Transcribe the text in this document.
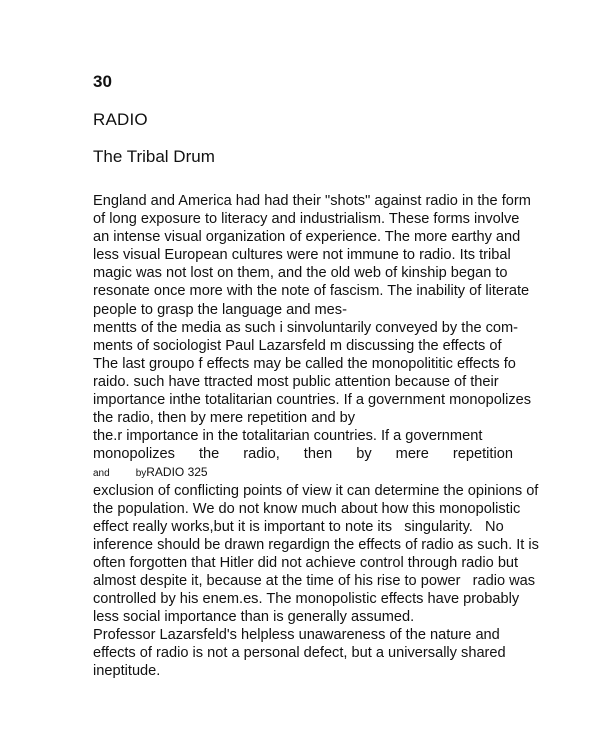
30
RADIO
The Tribal Drum
England and America had had their "shots" against radio in the form
of long exposure to literacy and industrialism. These forms involve
an intense visual organization of experience. The more earthy and
less visual European cultures were not immune to radio. Its tribal
magic was not lost on them, and the old web of kinship began to
resonate once more with the note of fascism. The inability of literate
people to grasp the language and mes-
mentts of the media as such i sinvoluntarily conveyed by the com-
ments of sociologist Paul Lazarsfeld m discussing the effects of
The last groupo f effects may be called the monopolititic effects fo
raido. such have ttracted most public attention because of their
importance inthe totalitarian countries. If a government monopolizes
the radio, then by mere repetition and by
the.r importance in the totalitarian countries. If a government
monopolizes the radio, then by mere repetition
and	byRADIO 325
exclusion of conflicting points of view it can determine the opinions of
the population. We do not know much about how this monopolistic
effect really works,but it is important to note its   singularity.   No
inference should be drawn regardign the effects of radio as such. It is
often forgotten that Hitler did not achieve control through radio but
almost despite it, because at the time of his rise to power   radio was
controlled by his enem.es. The monopolistic effects have probably
less social importance than is generally assumed.
Professor Lazarsfeld's helpless unawareness of the nature and
effects of radio is not a personal defect, but a universally shared
ineptitude.
